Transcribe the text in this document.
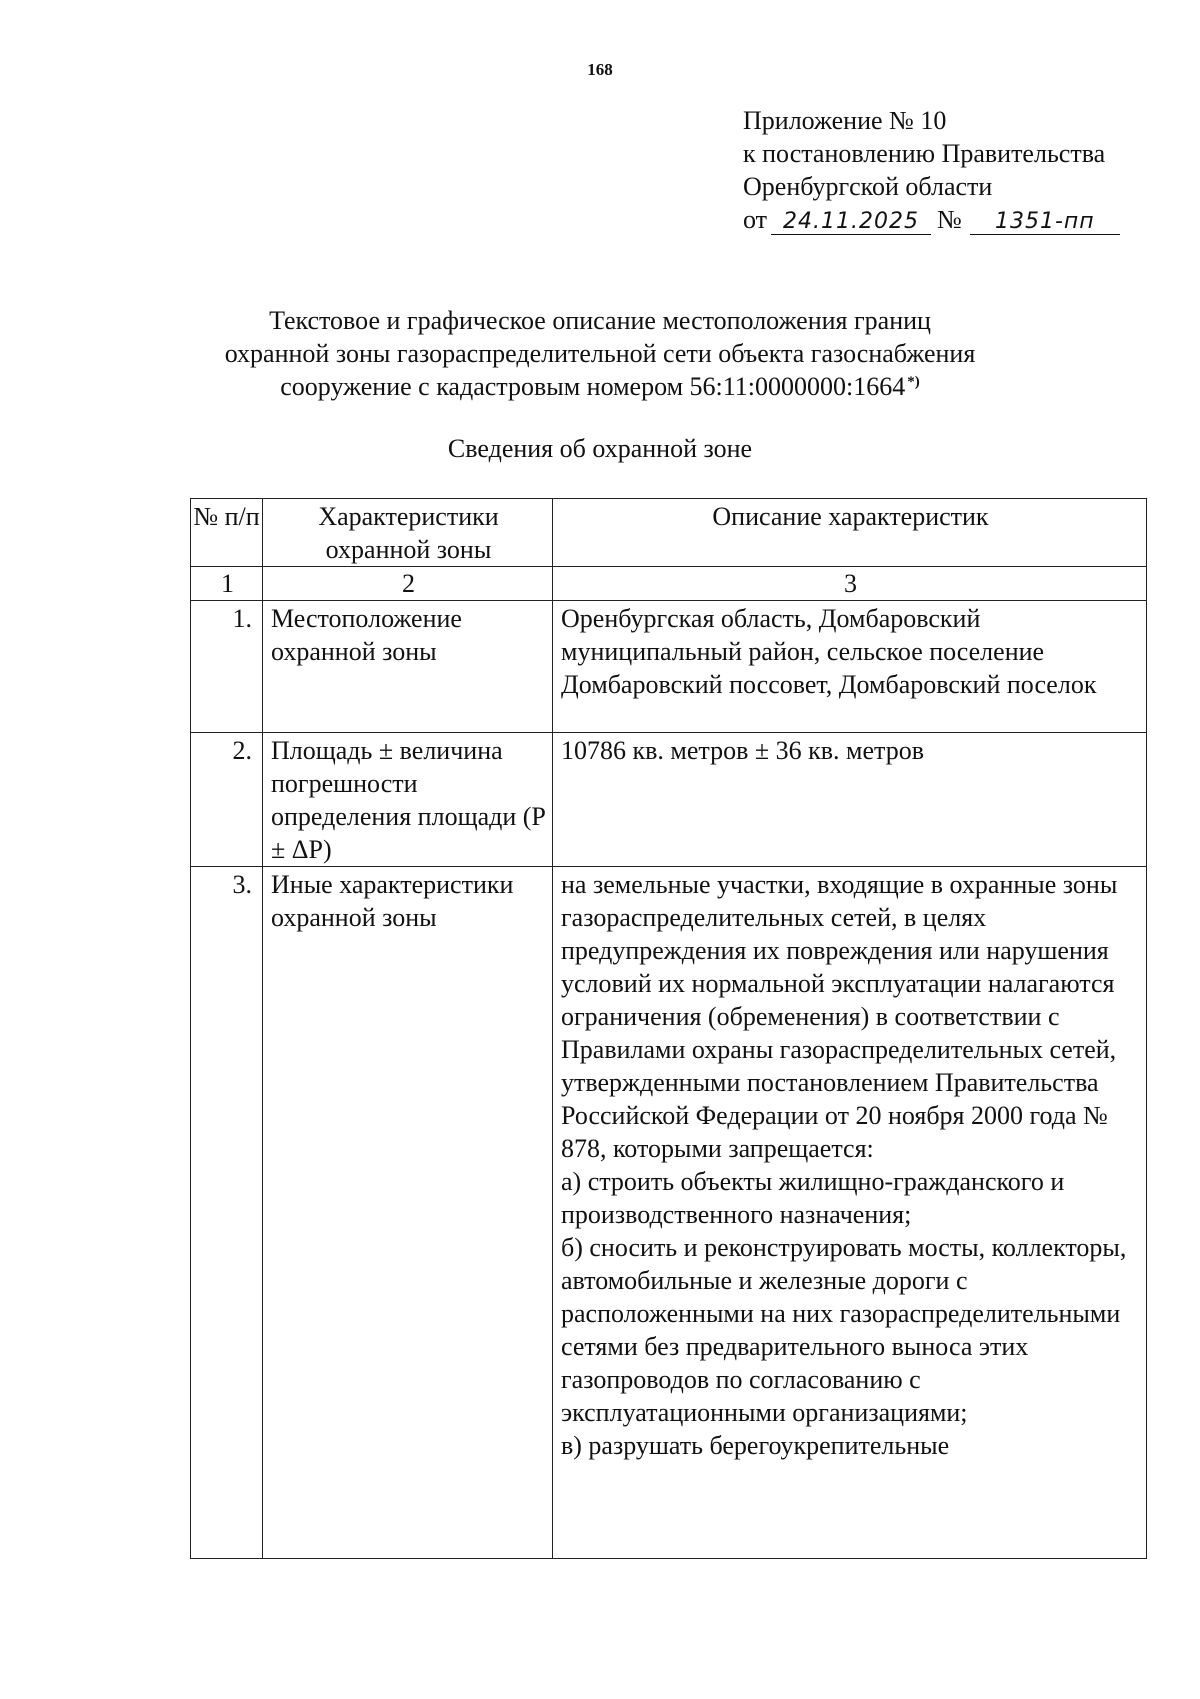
168
Приложение № 10
к постановлению Правительства
Оренбургской области
от 24.11.2025 № 1351-пп
Текстовое и графическое описание местоположения границ
охранной зоны газораспределительной сети объекта газоснабжения
сооружение с кадастровым номером 56:11:0000000:1664 *)
Сведения об охранной зоне
№ п/п	Характеристики охранной зоны	Описание характеристик
1	2	3
1.	Местоположение охранной зоны	Оренбургская область, Домбаровский муниципальный район, сельское поселение Домбаровский поссовет, Домбаровский поселок
2.	Площадь ± величина погрешности определения площади (P ± ΔP)	10786 кв. метров ± 36 кв. метров
3.	Иные характеристики охранной зоны	на земельные участки, входящие в охранные зоны газораспределительных сетей, в целях предупреждения их повреждения или нарушения условий их нормальной эксплуатации налагаются ограничения (обременения) в соответствии с Правилами охраны газораспределительных сетей, утвержденными постановлением Правительства Российской Федерации от 20 ноября 2000 года № 878, которыми запрещается:
а) строить объекты жилищно-гражданского и производственного назначения;
б) сносить и реконструировать мосты, коллекторы, автомобильные и железные дороги с расположенными на них газораспределительными сетями без предварительного выноса этих газопроводов по согласованию с эксплуатационными организациями;
в) разрушать берегоукрепительные
